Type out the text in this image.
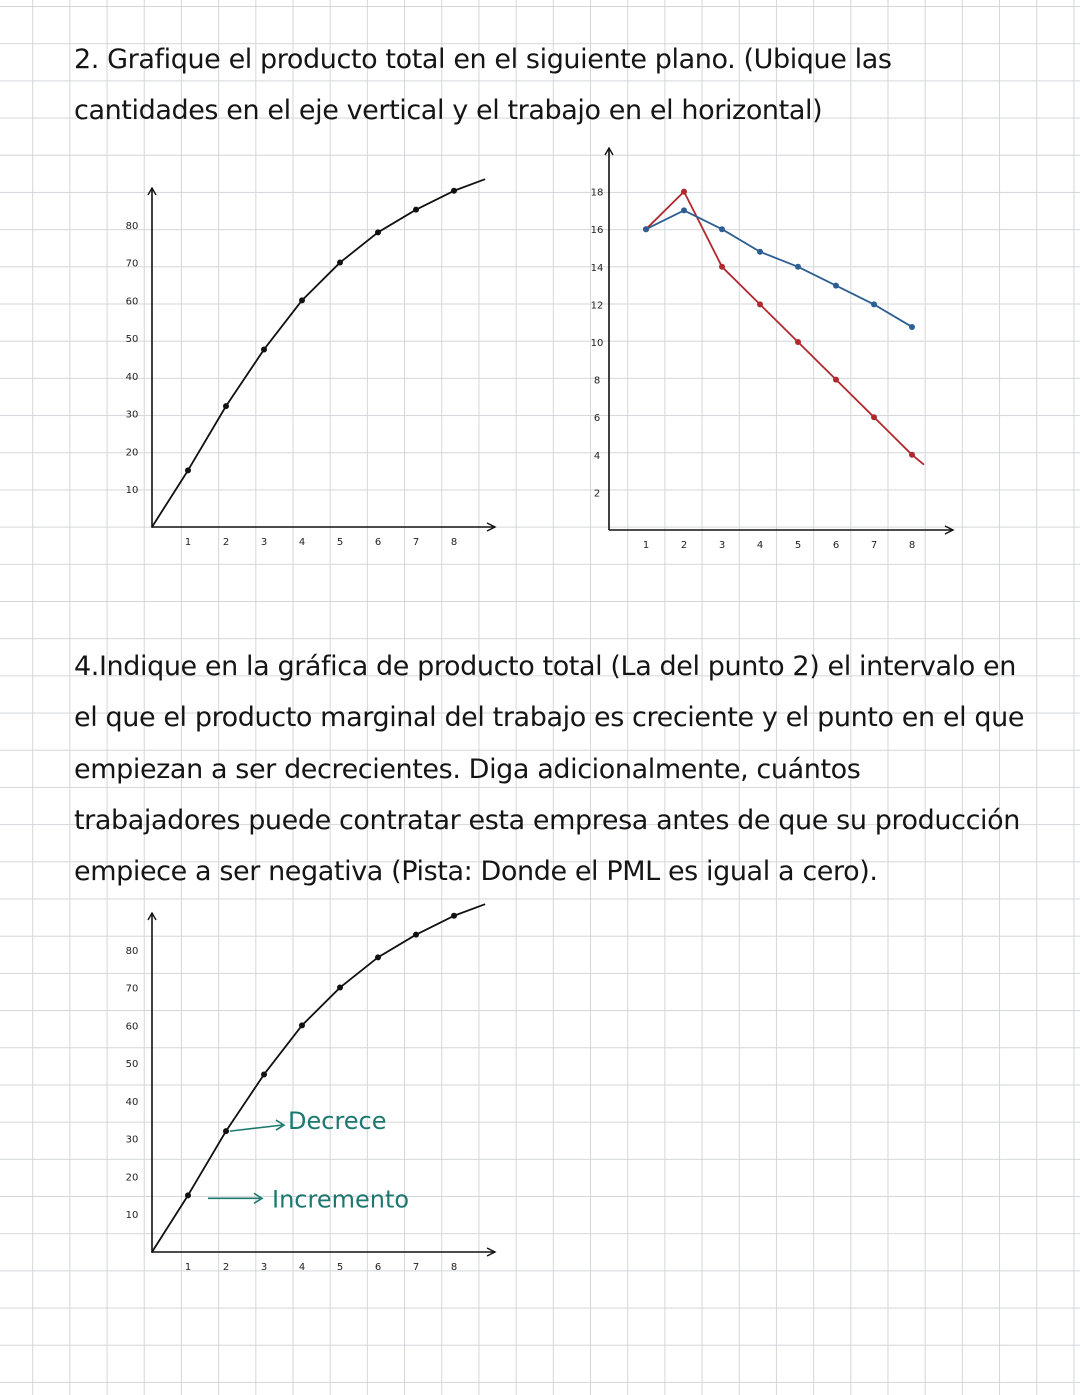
2. Grafique el producto total en el siguiente plano. (Ubique las cantidades en el eje vertical y el trabajo en el horizontal)

1	2	3	4	5	6	7	8
10
20
30
40
50
60
70
80
1	2	3	4	5	6	7	8
2
4
6
8
10
12
14
16
18

4.Indique en la gráfica de producto total (La del punto 2) el intervalo en el que el producto marginal del trabajo es creciente y el punto en el que empiezan a ser decrecientes. Diga adicionalmente, cuántos trabajadores puede contratar esta empresa antes de que su producción empiece a ser negativa (Pista: Donde el PML es igual a cero).

1	2	3	4	5	6	7	8
10
20
30
40
50
60
70
80
Decrece
Incremento
